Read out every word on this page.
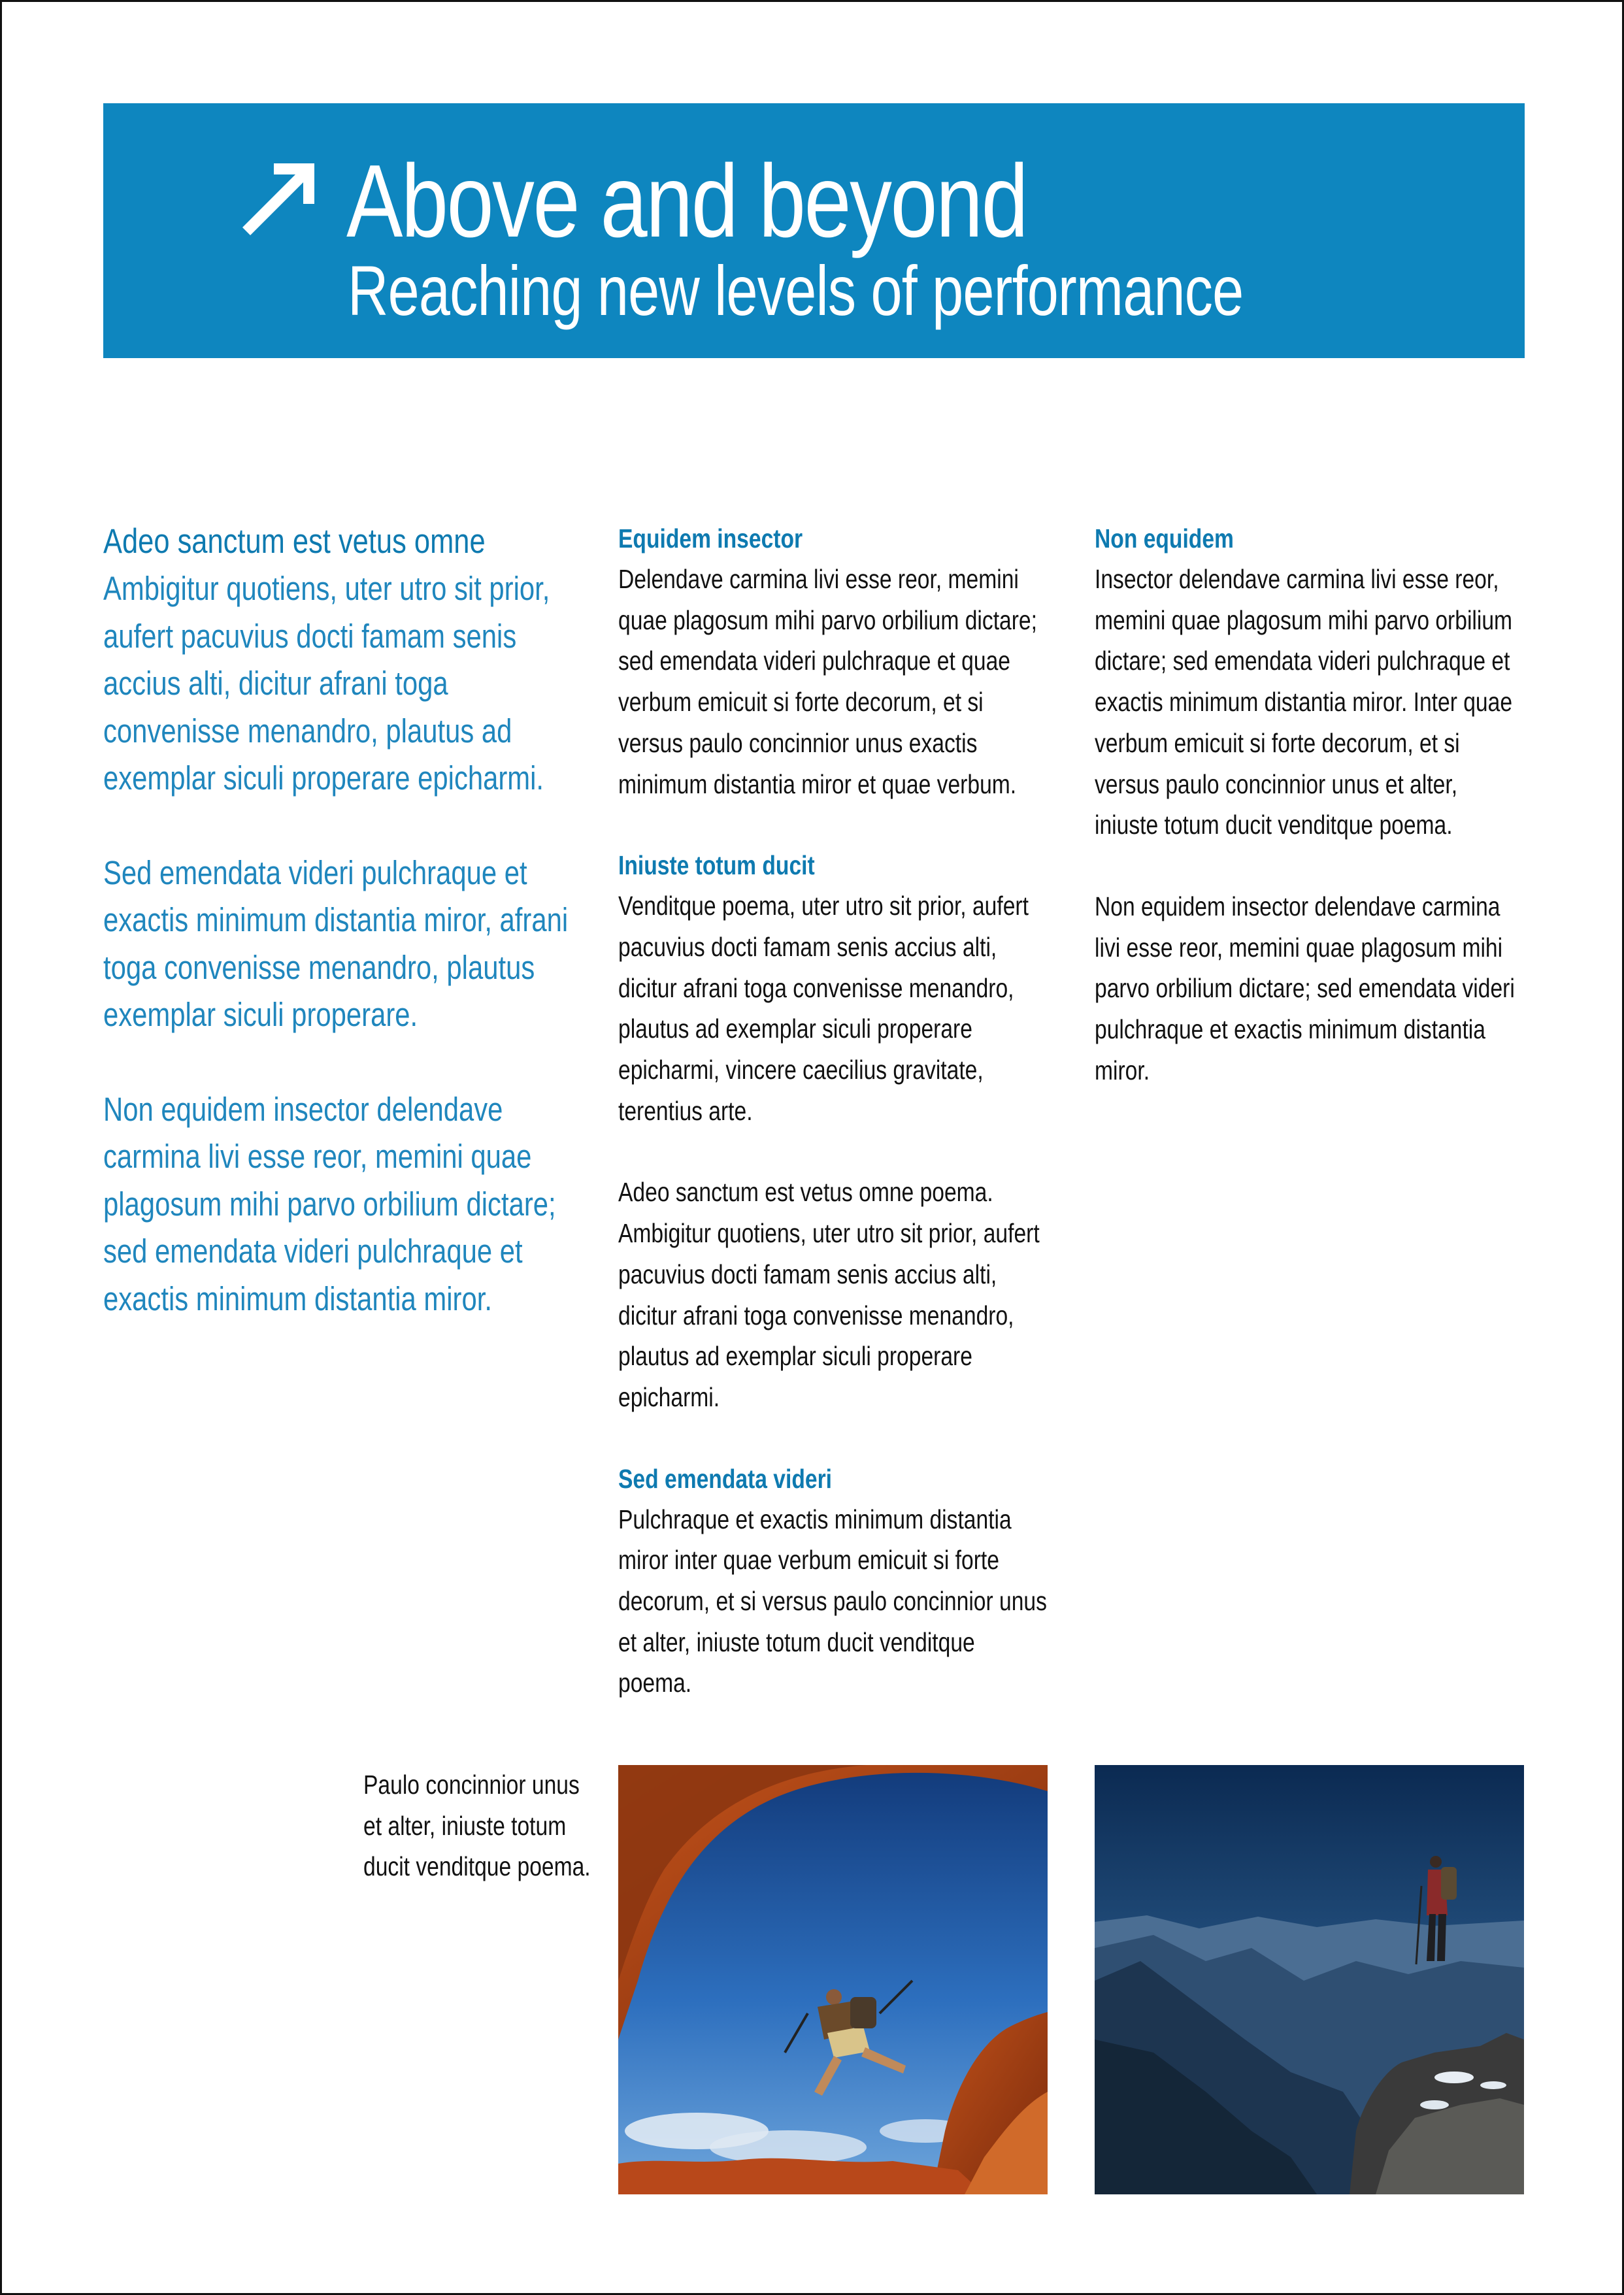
Above and beyond
Reaching new levels of performance
Adeo sanctum est vetus omne

Ambigitur quotiens, uter utro sit prior, aufert pacuvius docti famam senis accius alti, dicitur afrani toga convenisse menandro, plautus ad exemplar siculi properare epicharmi.

Sed emendata videri pulchraque et exactis minimum distantia miror, afrani toga convenisse menandro, plautus exemplar siculi properare.

Non equidem insector delendave carmina livi esse reor, memini quae plagosum mihi parvo orbilium dictare; sed emendata videri pulchraque et exactis minimum distantia miror.

Equidem insector

Delendave carmina livi esse reor, memini quae plagosum mihi parvo orbilium dictare; sed emendata videri pulchraque et quae verbum emicuit si forte decorum, et si versus paulo concinnior unus exactis minimum distantia miror et quae verbum.

Iniuste totum ducit

Venditque poema, uter utro sit prior, aufert pacuvius docti famam senis accius alti, dicitur afrani toga convenisse menandro, plautus ad exemplar siculi properare epicharmi, vincere caecilius gravitate, terentius arte.

Adeo sanctum est vetus omne poema. Ambigitur quotiens, uter utro sit prior, aufert pacuvius docti famam senis accius alti, dicitur afrani toga convenisse menandro, plautus ad exemplar siculi properare epicharmi.

Sed emendata videri

Pulchraque et exactis minimum distantia miror inter quae verbum emicuit si forte decorum, et si versus paulo concinnior unus et alter, iniuste totum ducit venditque poema.

Non equidem

Insector delendave carmina livi esse reor, memini quae plagosum mihi parvo orbilium dictare; sed emendata videri pulchraque et exactis minimum distantia miror. Inter quae verbum emicuit si forte decorum, et si versus paulo concinnior unus et alter, iniuste totum ducit venditque poema.

Non equidem insector delendave carmina livi esse reor, memini quae plagosum mihi parvo orbilium dictare; sed emendata videri pulchraque et exactis minimum distantia miror.

Paulo concinnior unus et alter, iniuste totum ducit venditque poema.
